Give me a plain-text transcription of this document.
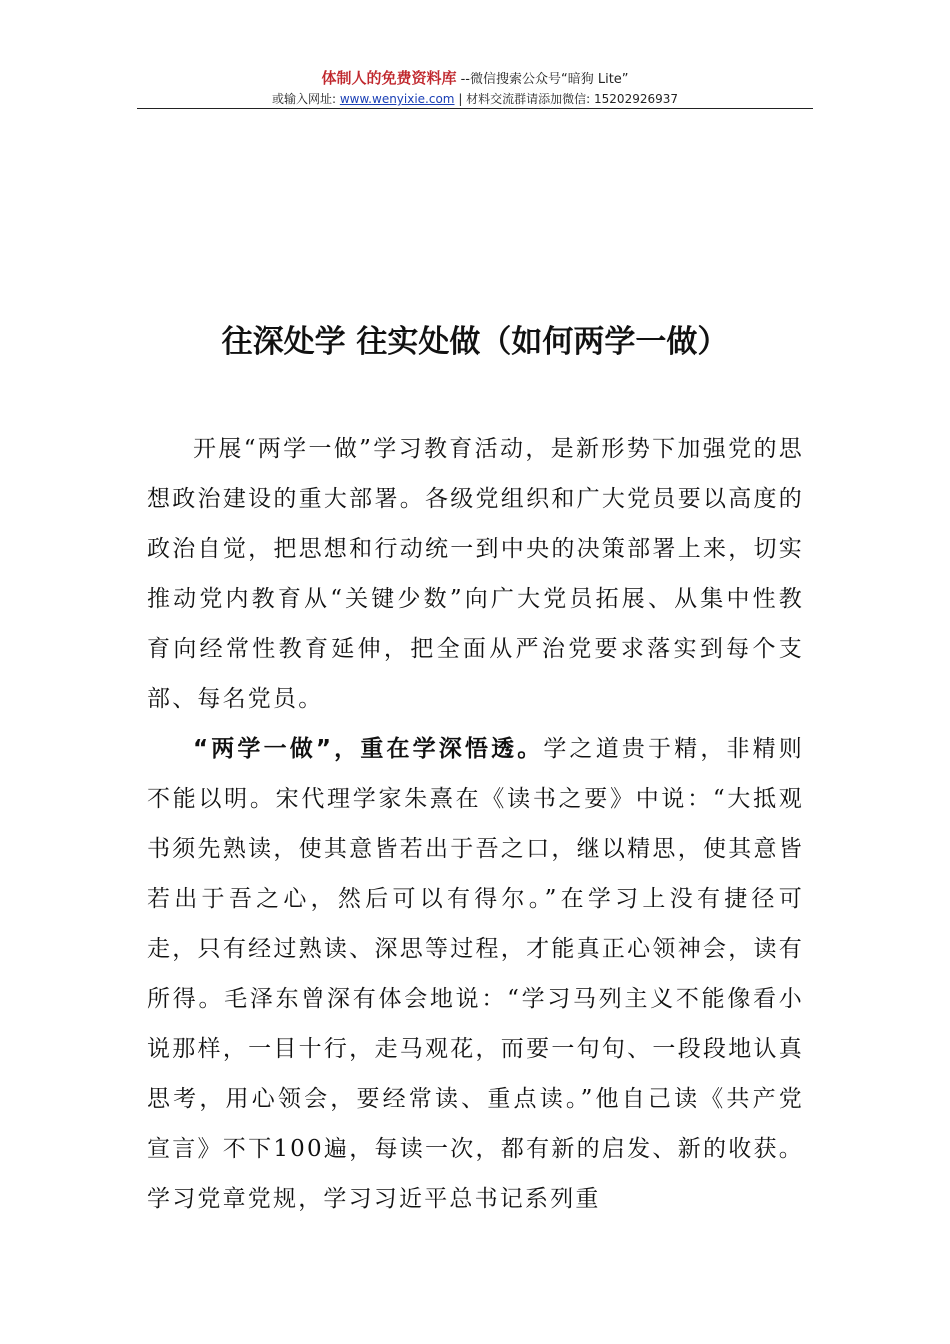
体制人的免费资料库 --微信搜索公众号“暗狗 Lite”
或输入网址: www.wenyixie.com | 材料交流群请添加微信: 15202926937
往深处学 往实处做（如何两学一做）

开展“两学一做”学习教育活动，是新形势下加强党的思想政治建设的重大部署。各级党组织和广大党员要以高度的政治自觉，把思想和行动统一到中央的决策部署上来，切实推动党内教育从“关键少数”向广大党员拓展、从集中性教育向经常性教育延伸，把全面从严治党要求落实到每个支部、每名党员。

“两学一做”，重在学深悟透。学之道贵于精，非精则不能以明。宋代理学家朱熹在《读书之要》中说：“大抵观书须先熟读，使其意皆若出于吾之口，继以精思，使其意皆若出于吾之心，然后可以有得尔。”在学习上没有捷径可走，只有经过熟读、深思等过程，才能真正心领神会，读有所得。毛泽东曾深有体会地说：“学习马列主义不能像看小说那样，一目十行，走马观花，而要一句句、一段段地认真思考，用心领会，要经常读、重点读。”他自己读《共产党宣言》不下100遍，每读一次，都有新的启发、新的收获。学习党章党规，学习习近平总书记系列重
